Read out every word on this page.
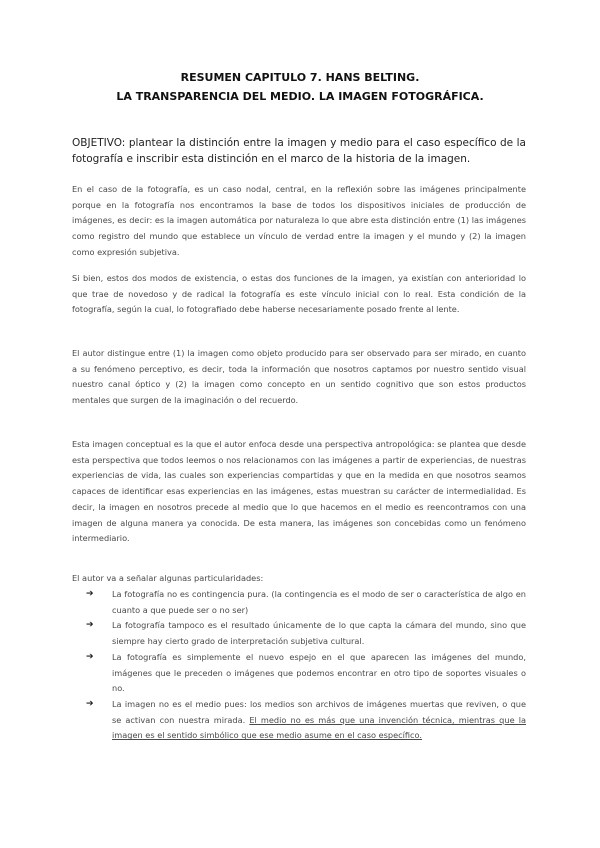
RESUMEN CAPITULO 7. HANS BELTING.
LA TRANSPARENCIA DEL MEDIO. LA IMAGEN FOTOGRÁFICA.

OBJETIVO: plantear la distinción entre la imagen y medio para el caso específico de la fotografía e inscribir esta distinción en el marco de la historia de la imagen.

En el caso de la fotografía, es un caso nodal, central, en la reflexión sobre las imágenes principalmente porque en la fotografía nos encontramos la base de todos los dispositivos iniciales de producción de imágenes, es decir: es la imagen automática por naturaleza lo que abre esta distinción entre (1) las imágenes como registro del mundo que establece un vínculo de verdad entre la imagen y el mundo y (2) la imagen como expresión subjetiva.

Si bien, estos dos modos de existencia, o estas dos funciones de la imagen, ya existían con anterioridad lo que trae de novedoso y de radical la fotografía es este vínculo inicial con lo real. Esta condición de la fotografía, según la cual, lo fotografiado debe haberse necesariamente posado frente al lente.

El autor distingue entre (1) la imagen como objeto producido para ser observado para ser mirado, en cuanto a su fenómeno perceptivo, es decir, toda la información que nosotros captamos por nuestro sentido visual nuestro canal óptico y (2) la imagen como concepto en un sentido cognitivo que son estos productos mentales que surgen de la imaginación o del recuerdo.

Esta imagen conceptual es la que el autor enfoca desde una perspectiva antropológica: se plantea que desde esta perspectiva que todos leemos o nos relacionamos con las imágenes a partir de experiencias, de nuestras experiencias de vida, las cuales son experiencias compartidas y que en la medida en que nosotros seamos capaces de identificar esas experiencias en las imágenes, estas muestran su carácter de intermedialidad. Es decir, la imagen en nosotros precede al medio que lo que hacemos en el medio es reencontramos con una imagen de alguna manera ya conocida. De esta manera, las imágenes son concebidas como un fenómeno intermediario.

El autor va a señalar algunas particularidades:

➔ La fotografía no es contingencia pura. (la contingencia es el modo de ser o característica de algo en cuanto a que puede ser o no ser)
➔ La fotografía tampoco es el resultado únicamente de lo que capta la cámara del mundo, sino que siempre hay cierto grado de interpretación subjetiva cultural.
➔ La fotografía es simplemente el nuevo espejo en el que aparecen las imágenes del mundo, imágenes que le preceden o imágenes que podemos encontrar en otro tipo de soportes visuales o no.
➔ La imagen no es el medio pues: los medios son archivos de imágenes muertas que reviven, o que se activan con nuestra mirada. El medio no es más que una invención técnica, mientras que la imagen es el sentido simbólico que ese medio asume en el caso específico.
